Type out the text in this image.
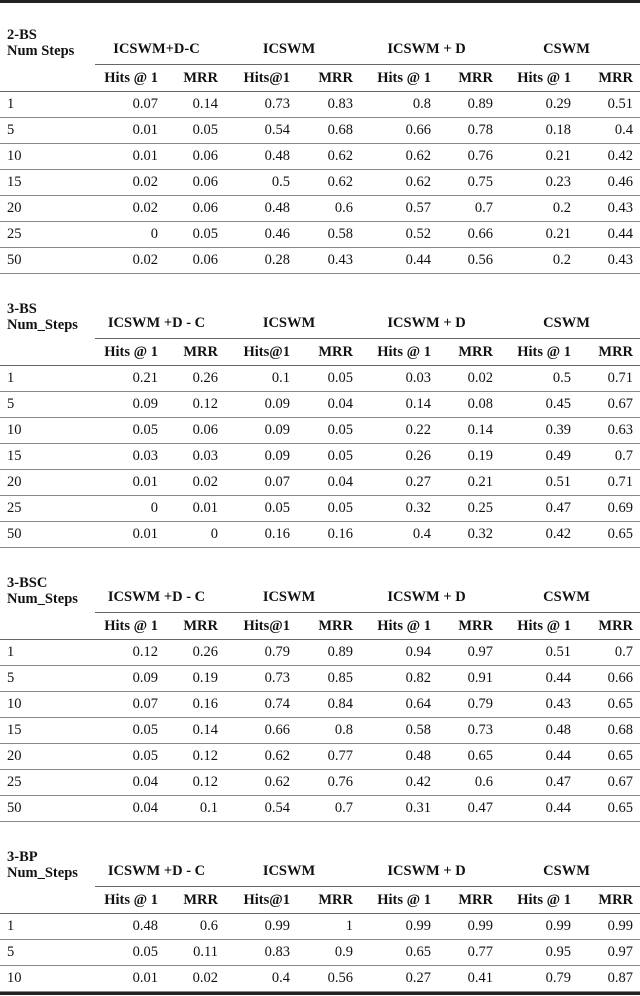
2-BS
Num Steps	ICSWM+D-C		ICSWM		ICSWM + D		CSWM	
	Hits @ 1	MRR	Hits@1	MRR	Hits @ 1	MRR	Hits @ 1	MRR
1	0.07	0.14	0.73	0.83	0.8	0.89	0.29	0.51
5	0.01	0.05	0.54	0.68	0.66	0.78	0.18	0.4
10	0.01	0.06	0.48	0.62	0.62	0.76	0.21	0.42
15	0.02	0.06	0.5	0.62	0.62	0.75	0.23	0.46
20	0.02	0.06	0.48	0.6	0.57	0.7	0.2	0.43
25	0	0.05	0.46	0.58	0.52	0.66	0.21	0.44
50	0.02	0.06	0.28	0.43	0.44	0.56	0.2	0.43
3-BS
Num_Steps	ICSWM +D - C		ICSWM		ICSWM + D		CSWM	
	Hits @ 1	MRR	Hits@1	MRR	Hits @ 1	MRR	Hits @ 1	MRR
1	0.21	0.26	0.1	0.05	0.03	0.02	0.5	0.71
5	0.09	0.12	0.09	0.04	0.14	0.08	0.45	0.67
10	0.05	0.06	0.09	0.05	0.22	0.14	0.39	0.63
15	0.03	0.03	0.09	0.05	0.26	0.19	0.49	0.7
20	0.01	0.02	0.07	0.04	0.27	0.21	0.51	0.71
25	0	0.01	0.05	0.05	0.32	0.25	0.47	0.69
50	0.01	0	0.16	0.16	0.4	0.32	0.42	0.65
3-BSC
Num_Steps	ICSWM +D - C		ICSWM		ICSWM + D		CSWM	
	Hits @ 1	MRR	Hits@1	MRR	Hits @ 1	MRR	Hits @ 1	MRR
1	0.12	0.26	0.79	0.89	0.94	0.97	0.51	0.7
5	0.09	0.19	0.73	0.85	0.82	0.91	0.44	0.66
10	0.07	0.16	0.74	0.84	0.64	0.79	0.43	0.65
15	0.05	0.14	0.66	0.8	0.58	0.73	0.48	0.68
20	0.05	0.12	0.62	0.77	0.48	0.65	0.44	0.65
25	0.04	0.12	0.62	0.76	0.42	0.6	0.47	0.67
50	0.04	0.1	0.54	0.7	0.31	0.47	0.44	0.65
3-BP
Num_Steps	ICSWM +D - C		ICSWM		ICSWM + D		CSWM	
	Hits @ 1	MRR	Hits@1	MRR	Hits @ 1	MRR	Hits @ 1	MRR
1	0.48	0.6	0.99	1	0.99	0.99	0.99	0.99
5	0.05	0.11	0.83	0.9	0.65	0.77	0.95	0.97
10	0.01	0.02	0.4	0.56	0.27	0.41	0.79	0.87
